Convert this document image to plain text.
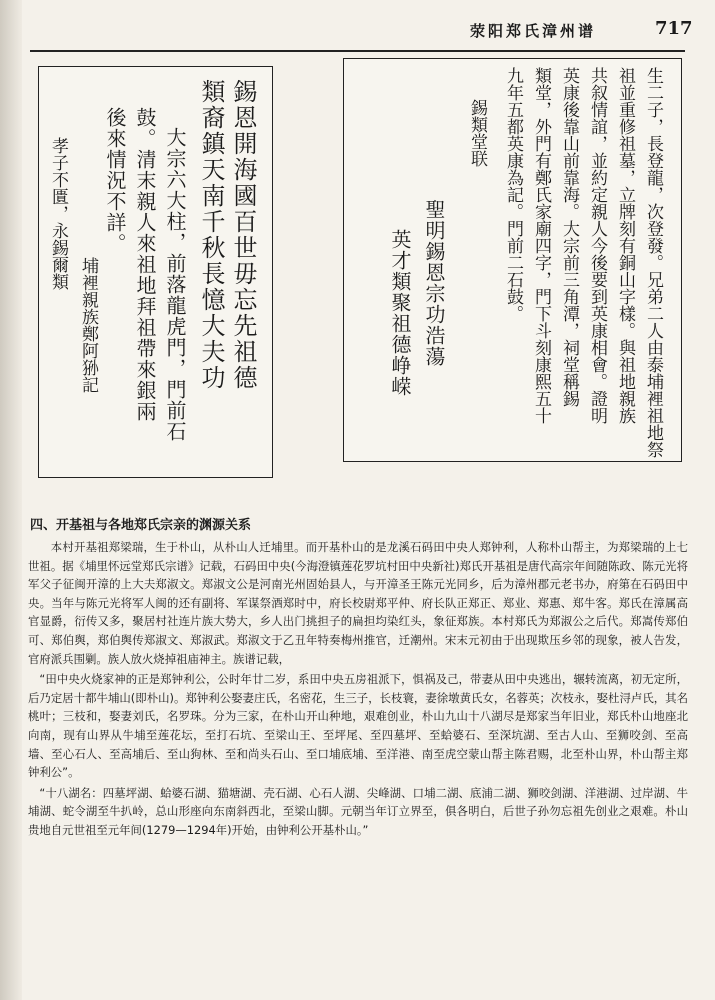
荥阳郑氏漳州谱	717
錫恩開海國百世毋忘先祖德
類裔鎮天南千秋長憶大夫功
大宗六大柱，前落龍虎門，門前石
鼓。清末親人來祖地拜祖帶來銀兩
後來情況不詳。
埔裡親族鄭阿狲記
孝子不匱，永錫爾類	生二子，長登龍，次登發。兄弟二人由泰埔裡祖地祭
祖並重修祖墓，立牌刻有銅山字樣。與祖地親族
共叙情誼，並約定親人今後要到英康相會。證明
英康後靠山前靠海。大宗前三角潭，祠堂稱錫
類堂，外門有鄭氏家廟四字，門下斗刻康熙五十
九年五都英康為記。門前二石鼓。
錫類堂联
聖明錫恩宗功浩蕩
英才類聚祖德峥嵘
四、开基祖与各地郑氏宗亲的渊源关系

本村开基祖郑梁瑞，生于朴山，从朴山人迁埔里。而开基朴山的是龙溪石码田中央人郑钟利，人称朴山帮主，为郑梁瑞的上七世祖。据《埔里怀远堂郑氏宗谱》记载，石码田中央(今海澄镇莲花罗坑村田中央新社)郑氏开基祖是唐代高宗年间随陈政、陈元光将军父子征闽开漳的上大夫郑淑文。郑淑文公是河南光州固始县人，与开漳圣王陈元光同乡，后为漳州郡元老书办，府第在石码田中央。当年与陈元光将军人闽的还有副将、军谋祭酒郑时中，府长校尉郑平仲、府长队正郑正、郑业、郑惠、郑牛客。郑氏在漳属高官显爵，衍传又多，聚居村社连片族大势大，乡人出门挑担子的扁担均染红头，象征郑族。本村郑氏为郑淑公之后代。郑嵩传郑伯可、郑伯舆，郑伯舆传郑淑文、郑淑武。郑淑文于乙丑年特奏梅州推官，迁潮州。宋末元初由于出现欺压乡邻的现象，被人告发，官府派兵围剿。族人放火烧掉祖庙神主。族谱记载，

“田中央火烧家神的正是郑钟利公，公时年廿二岁，系田中央五房祖派下，惧祸及己，带妻从田中央逃出，辗转流离，初无定所，后乃定居十都牛埔山(即朴山)。郑钟利公娶妻庄氏，名密花，生三子，长枝寰，妻徐墩黄氏女，名蓉英；次枝永，娶杜浔卢氏，其名桃叶；三枝和，娶妻刘氏，名罗珠。分为三家，在朴山开山种地，艰难创业，朴山九山十八湖尽是郑家当年旧业，郑氏朴山地座北向南，现有山界从牛埔至莲花坛，至打石坑、至梁山王、至坪尾、至四墓坪、至蛤婆石、至深坑湖、至古人山、至狮咬剑、至高墙、至心石人、至高埔后、至山狗林、至和尚头石山、至口埔底埔、至洋港、南至虎空蒙山帮主陈君赐，北至朴山界，朴山帮主郑钟利公”。

“十八湖名：四墓坪湖、蛤婆石湖、猫塘湖、壳石湖、心石人湖、尖峰湖、口埔二湖、底浦二湖、狮咬剑湖、洋港湖、过岸湖、牛埔湖、蛇令湖至牛扒岭，总山形座向东南斜西北，至梁山脚。元朝当年订立界至，俱各明白，后世子孙勿忘祖先创业之艰难。朴山贵地自元世祖至元年间(1279—1294年)开始，由钟利公开基朴山。”
